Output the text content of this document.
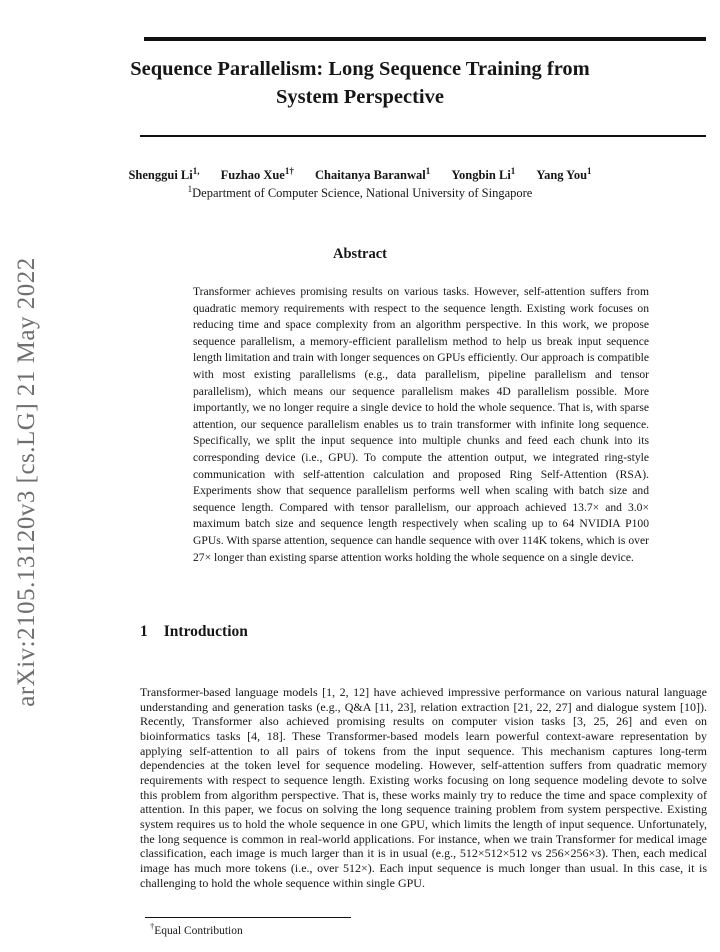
arXiv:2105.13120v3 [cs.LG] 21 May 2022
Sequence Parallelism: Long Sequence Training from System Perspective
Shenggui $Li^{1,}$ Fuzhao Xue$^{1\dagger}$ Chaitanya Baranwal$^1$ Yongbin Li$^1$ Yang You$^1$
$^1$Department of Computer Science, National University of Singapore
Abstract

Transformer achieves promising results on various tasks. However, self-attention suffers from quadratic memory requirements with respect to the sequence length. Existing work focuses on reducing time and space complexity from an algorithm perspective. In this work, we propose sequence parallelism, a memory-efficient parallelism method to help us break input sequence length limitation and train with longer sequences on GPUs efficiently. Our approach is compatible with most existing parallelisms (e.g., data parallelism, pipeline parallelism and tensor parallelism), which means our sequence parallelism makes 4D parallelism possible. More importantly, we no longer require a single device to hold the whole sequence. That is, with sparse attention, our sequence parallelism enables us to train transformer with infinite long sequence. Specifically, we split the input sequence into multiple chunks and feed each chunk into its corresponding device (i.e., GPU). To compute the attention output, we integrated ring-style communication with self-attention calculation and proposed Ring Self-Attention (RSA). Experiments show that sequence parallelism performs well when scaling with batch size and sequence length. Compared with tensor parallelism, our approach achieved 13.7× and 3.0× maximum batch size and sequence length respectively when scaling up to 64 NVIDIA P100 GPUs. With sparse attention, sequence can handle sequence with over 114K tokens, which is over 27× longer than existing sparse attention works holding the whole sequence on a single device.

1 Introduction

Transformer-based language models [1, 2, 12] have achieved impressive performance on various natural language understanding and generation tasks (e.g., Q&A [11, 23], relation extraction [21, 22, 27] and dialogue system [10]). Recently, Transformer also achieved promising results on computer vision tasks [3, 25, 26] and even on bioinformatics tasks [4, 18]. These Transformer-based models learn powerful context-aware representation by applying self-attention to all pairs of tokens from the input sequence. This mechanism captures long-term dependencies at the token level for sequence modeling. However, self-attention suffers from quadratic memory requirements with respect to sequence length. Existing works focusing on long sequence modeling devote to solve this problem from algorithm perspective. That is, these works mainly try to reduce the time and space complexity of attention. In this paper, we focus on solving the long sequence training problem from system perspective. Existing system requires us to hold the whole sequence in one GPU, which limits the length of input sequence. Unfortunately, the long sequence is common in real-world applications. For instance, when we train Transformer for medical image classification, each image is much larger than it is in usual (e.g., 512×512×512 vs 256×256×3). Then, each medical image has much more tokens (i.e., over 512×). Each input sequence is much longer than usual. In this case, it is challenging to hold the whole sequence within single GPU.

†Equal Contribution
